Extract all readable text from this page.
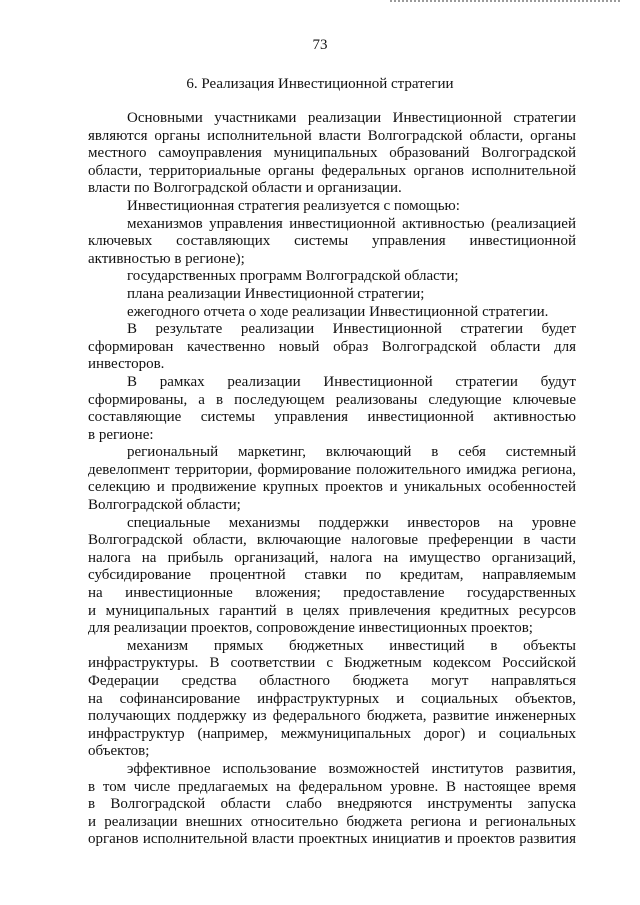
73
6. Реализация Инвестиционной стратегии
Основными участниками реализации Инвестиционной стратегии
являются органы исполнительной власти Волгоградской области, органы
местного самоуправления муниципальных образований Волгоградской
области, территориальные органы федеральных органов исполнительной
власти по Волгоградской области и организации.
Инвестиционная стратегия реализуется с помощью:
механизмов управления инвестиционной активностью (реализацией
ключевых составляющих системы управления инвестиционной
активностью в регионе);
государственных программ Волгоградской области;
плана реализации Инвестиционной стратегии;
ежегодного отчета о ходе реализации Инвестиционной стратегии.
В результате реализации Инвестиционной стратегии будет
сформирован качественно новый образ Волгоградской области для
инвесторов.
В рамках реализации Инвестиционной стратегии будут
сформированы, а в последующем реализованы следующие ключевые
составляющие системы управления инвестиционной активностью
в регионе:
региональный маркетинг, включающий в себя системный
девелопмент территории, формирование положительного имиджа региона,
селекцию и продвижение крупных проектов и уникальных особенностей
Волгоградской области;
специальные механизмы поддержки инвесторов на уровне
Волгоградской области, включающие налоговые преференции в части
налога на прибыль организаций, налога на имущество организаций,
субсидирование процентной ставки по кредитам, направляемым
на инвестиционные вложения; предоставление государственных
и муниципальных гарантий в целях привлечения кредитных ресурсов
для реализации проектов, сопровождение инвестиционных проектов;
механизм прямых бюджетных инвестиций в объекты
инфраструктуры. В соответствии с Бюджетным кодексом Российской
Федерации средства областного бюджета могут направляться
на софинансирование инфраструктурных и социальных объектов,
получающих поддержку из федерального бюджета, развитие инженерных
инфраструктур (например, межмуниципальных дорог) и социальных
объектов;
эффективное использование возможностей институтов развития,
в том числе предлагаемых на федеральном уровне. В настоящее время
в Волгоградской области слабо внедряются инструменты запуска
и реализации внешних относительно бюджета региона и региональных
органов исполнительной власти проектных инициатив и проектов развития
